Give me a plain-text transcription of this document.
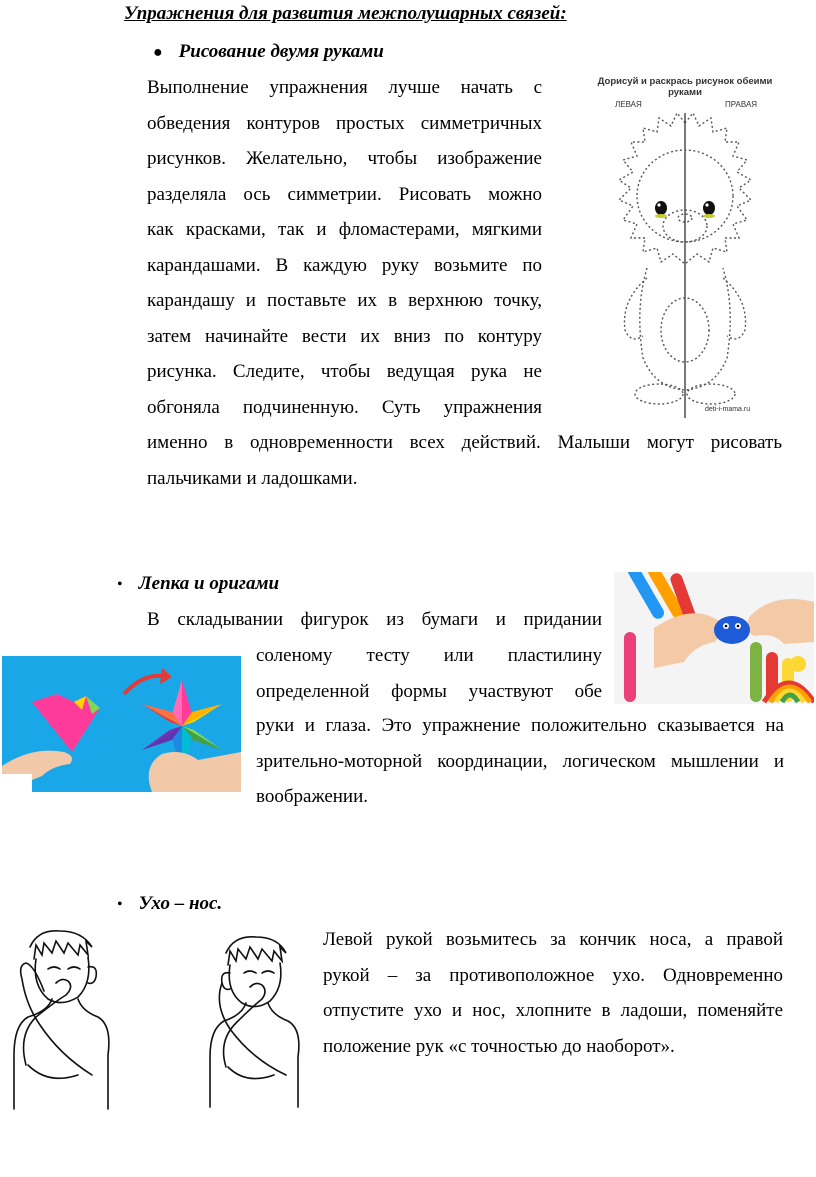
Упражнения для развития межполушарных связей:
● Рисование двумя руками

Выполнение упражнения лучше начать с

обведения контуров простых симметричных

рисунков. Желательно, чтобы изображение

разделяла ось симметрии. Рисовать можно

как красками, так и фломастерами, мягкими

карандашами. В каждую руку возьмите по

карандашу и поставьте их в верхнюю точку,

затем начинайте вести их вниз по контуру

рисунка. Следите, чтобы ведущая рука не

обгоняла подчиненную. Суть упражнения

именно в одновременности всех действий. Малыши могут рисовать

пальчиками и ладошками.

Дорисуй и раскрась рисунок обеими руками
ЛЕВАЯ	ПРАВАЯ
deti-i-mama.ru
• Лепка и оригами

В складывании фигурок из бумаги и придании

соленому тесту или пластилину

определенной формы участвуют обе

руки и глаза. Это упражнение положительно сказывается на

зрительно-моторной координации, логическом мышлении и

воображении.

• Ухо – нос.

Левой рукой возьмитесь за кончик носа, а правой

рукой – за противоположное ухо. Одновременно

отпустите ухо и нос, хлопните в ладоши, поменяйте

положение рук «с точностью до наоборот».
